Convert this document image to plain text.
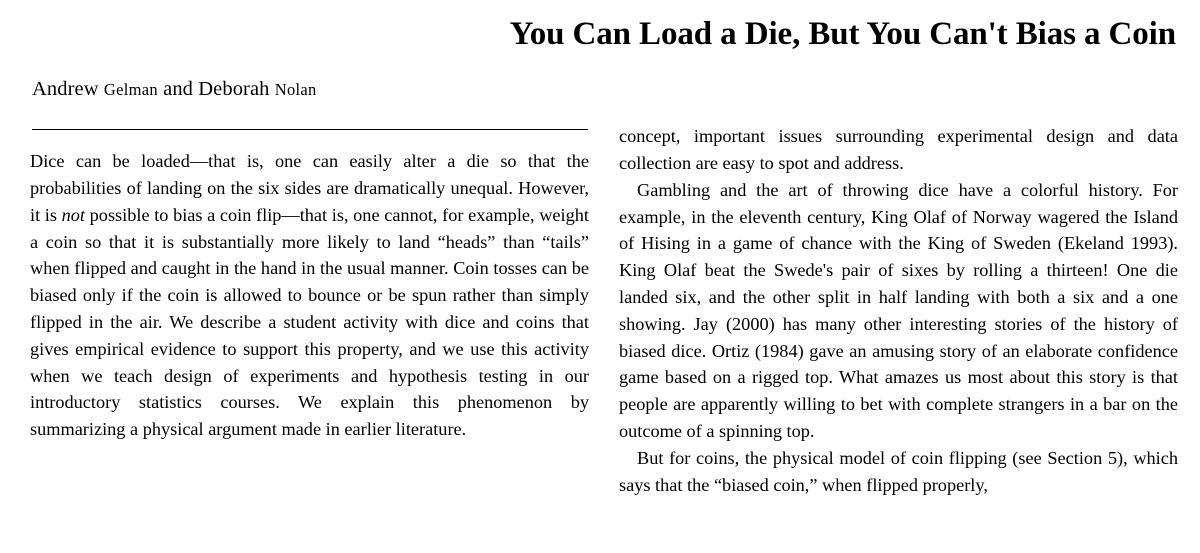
You Can Load a Die, But You Can't Bias a Coin
Andrew Gelman and Deborah Nolan

Dice can be loaded—that is, one can easily alter a die so that the probabilities of landing on the six sides are dramatically unequal. However, it is not possible to bias a coin flip—that is, one cannot, for example, weight a coin so that it is substantially more likely to land “heads” than “tails” when flipped and caught in the hand in the usual manner. Coin tosses can be biased only if the coin is allowed to bounce or be spun rather than simply flipped in the air. We describe a student activity with dice and coins that gives empirical evidence to support this property, and we use this activity when we teach design of experiments and hypothesis testing in our introductory statistics courses. We explain this phenomenon by summarizing a physical argument made in earlier literature.

concept, important issues surrounding experimental design and data collection are easy to spot and address.

Gambling and the art of throwing dice have a colorful history. For example, in the eleventh century, King Olaf of Norway wagered the Island of Hising in a game of chance with the King of Sweden (Ekeland 1993). King Olaf beat the Swede's pair of sixes by rolling a thirteen! One die landed six, and the other split in half landing with both a six and a one showing. Jay (2000) has many other interesting stories of the history of biased dice. Ortiz (1984) gave an amusing story of an elaborate confidence game based on a rigged top. What amazes us most about this story is that people are apparently willing to bet with complete strangers in a bar on the outcome of a spinning top.

But for coins, the physical model of coin flipping (see Section 5), which says that the “biased coin,” when flipped properly,
